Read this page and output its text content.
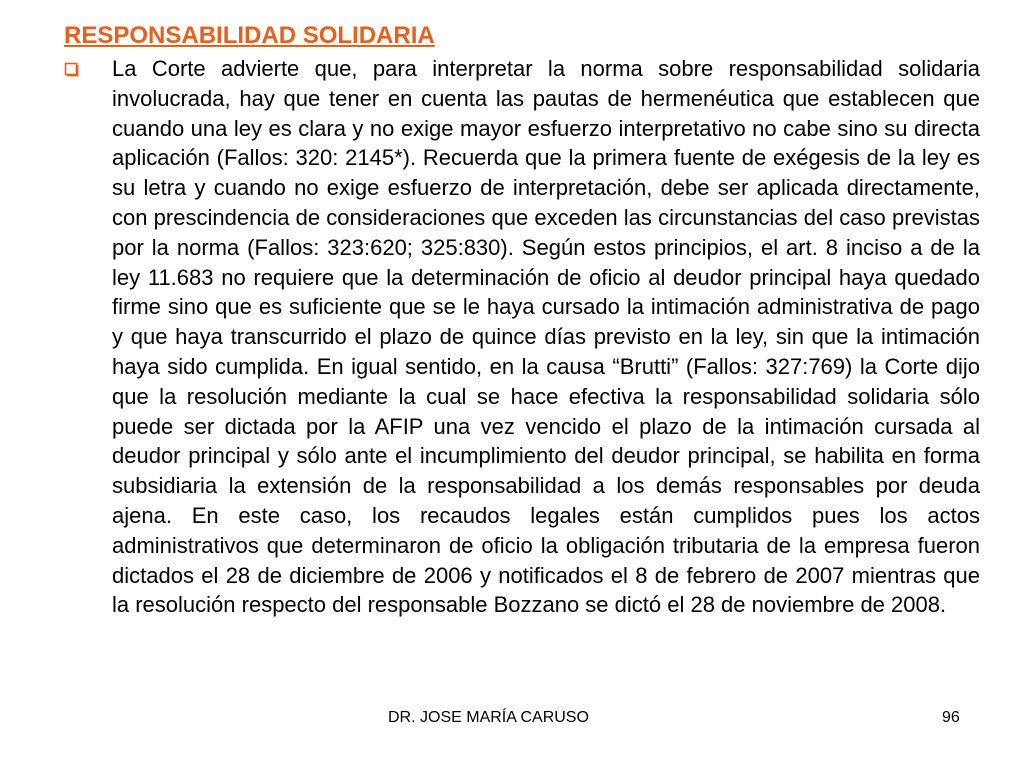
RESPONSABILIDAD SOLIDARIA

La Corte advierte que, para interpretar la norma sobre responsabilidad solidaria involucrada, hay que tener en cuenta las pautas de hermenéutica que establecen que cuando una ley es clara y no exige mayor esfuerzo interpretativo no cabe sino su directa aplicación (Fallos: 320: 2145*). Recuerda que la primera fuente de exégesis de la ley es su letra y cuando no exige esfuerzo de interpretación, debe ser aplicada directamente, con prescindencia de consideraciones que exceden las circunstancias del caso previstas por la norma (Fallos: 323:620; 325:830). Según estos principios, el art. 8 inciso a de la ley 11.683 no requiere que la determinación de oficio al deudor principal haya quedado firme sino que es suficiente que se le haya cursado la intimación administrativa de pago y que haya transcurrido el plazo de quince días previsto en la ley, sin que la intimación haya sido cumplida. En igual sentido, en la causa “Brutti” (Fallos: 327:769) la Corte dijo que la resolución mediante la cual se hace efectiva la responsabilidad solidaria sólo puede ser dictada por la AFIP una vez vencido el plazo de la intimación cursada al deudor principal y sólo ante el incumplimiento del deudor principal, se habilita en forma subsidiaria la extensión de la responsabilidad a los demás responsables por deuda ajena. En este caso, los recaudos legales están cumplidos pues los actos administrativos que determinaron de oficio la obligación tributaria de la empresa fueron dictados el 28 de diciembre de 2006 y notificados el 8 de febrero de 2007 mientras que la resolución respecto del responsable Bozzano se dictó el 28 de noviembre de 2008.

DR. JOSE MARÍA CARUSO	96
